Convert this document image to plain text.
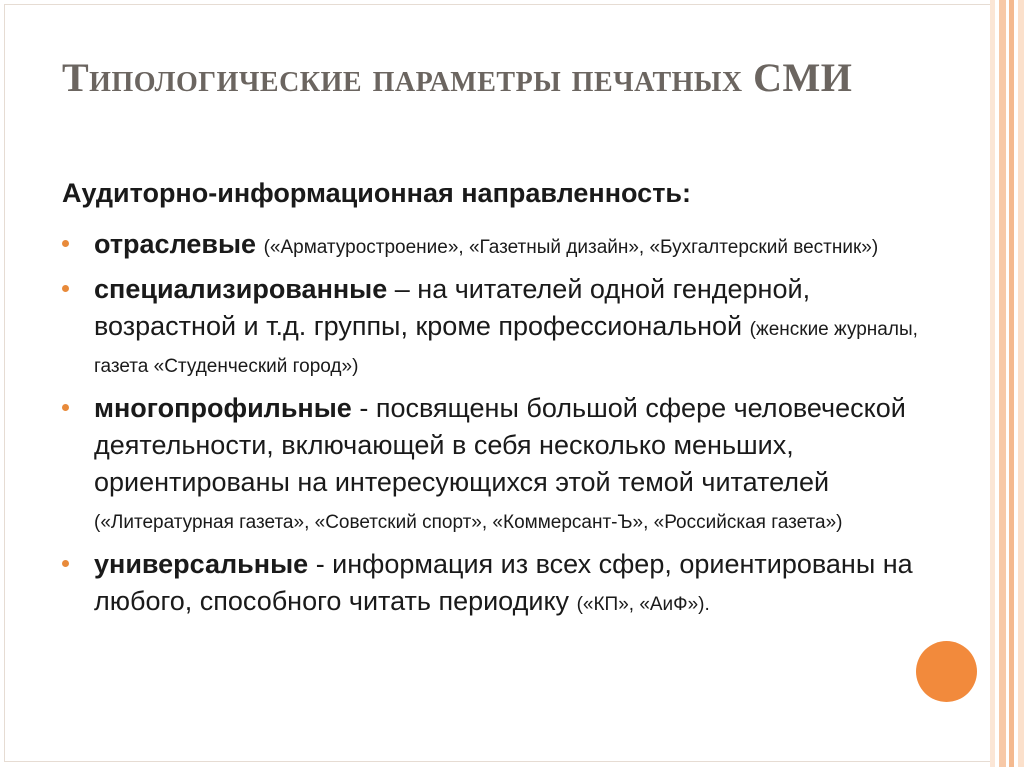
Типологические параметры печатных СМИ
Аудиторно-информационная направленность:
отраслевые («Арматуростроение», «Газетный дизайн», «Бухгалтерский вестник»)
специализированные – на читателей одной гендерной, возрастной и т.д. группы, кроме профессиональной (женские журналы, газета «Студенческий город»)
многопрофильные - посвящены большой сфере человеческой деятельности, включающей в себя несколько меньших, ориентированы на интересующихся этой темой читателей («Литературная газета», «Советский спорт», «Коммерсант-Ъ», «Российская газета»)
универсальные - информация из всех сфер, ориентированы на любого, способного читать периодику («КП», «АиФ»).
